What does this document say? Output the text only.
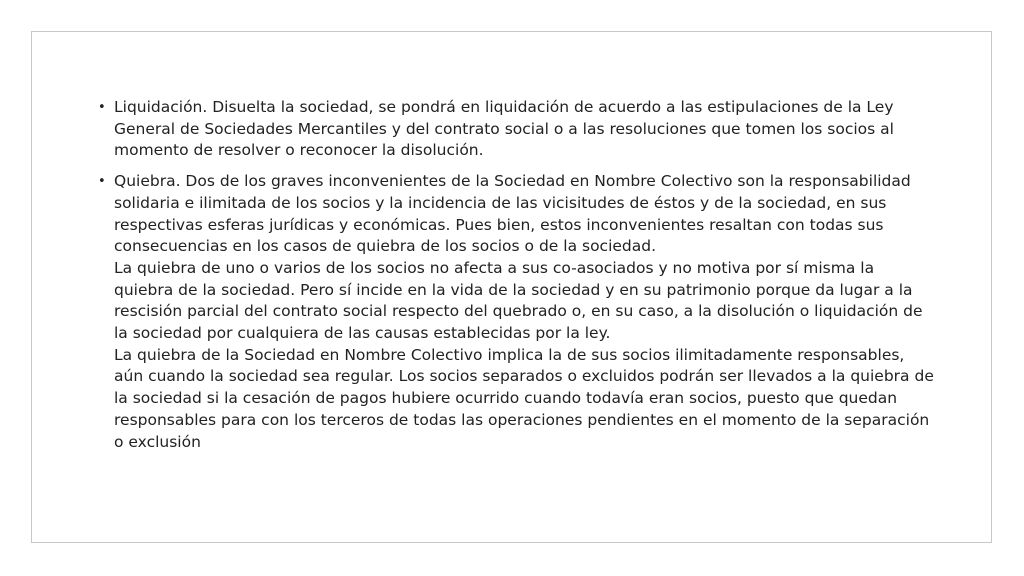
• Liquidación. Disuelta la sociedad, se pondrá en liquidación de acuerdo a las estipulaciones de la Ley General de Sociedades Mercantiles y del contrato social o a las resoluciones que tomen los socios al momento de resolver o reconocer la disolución.
• Quiebra. Dos de los graves inconvenientes de la Sociedad en Nombre Colectivo son la responsabilidad solidaria e ilimitada de los socios y la incidencia de las vicisitudes de éstos y de la sociedad, en sus respectivas esferas jurídicas y económicas. Pues bien, estos inconvenientes resaltan con todas sus consecuencias en los casos de quiebra de los socios o de la sociedad.
La quiebra de uno o varios de los socios no afecta a sus co-asociados y no motiva por sí misma la quiebra de la sociedad. Pero sí incide en la vida de la sociedad y en su patrimonio porque da lugar a la rescisión parcial del contrato social respecto del quebrado o, en su caso, a la disolución o liquidación de la sociedad por cualquiera de las causas establecidas por la ley.
La quiebra de la Sociedad en Nombre Colectivo implica la de sus socios ilimitadamente responsables, aún cuando la sociedad sea regular. Los socios separados o excluidos podrán ser llevados a la quiebra de la sociedad si la cesación de pagos hubiere ocurrido cuando todavía eran socios, puesto que quedan responsables para con los terceros de todas las operaciones pendientes en el momento de la separación o exclusión
